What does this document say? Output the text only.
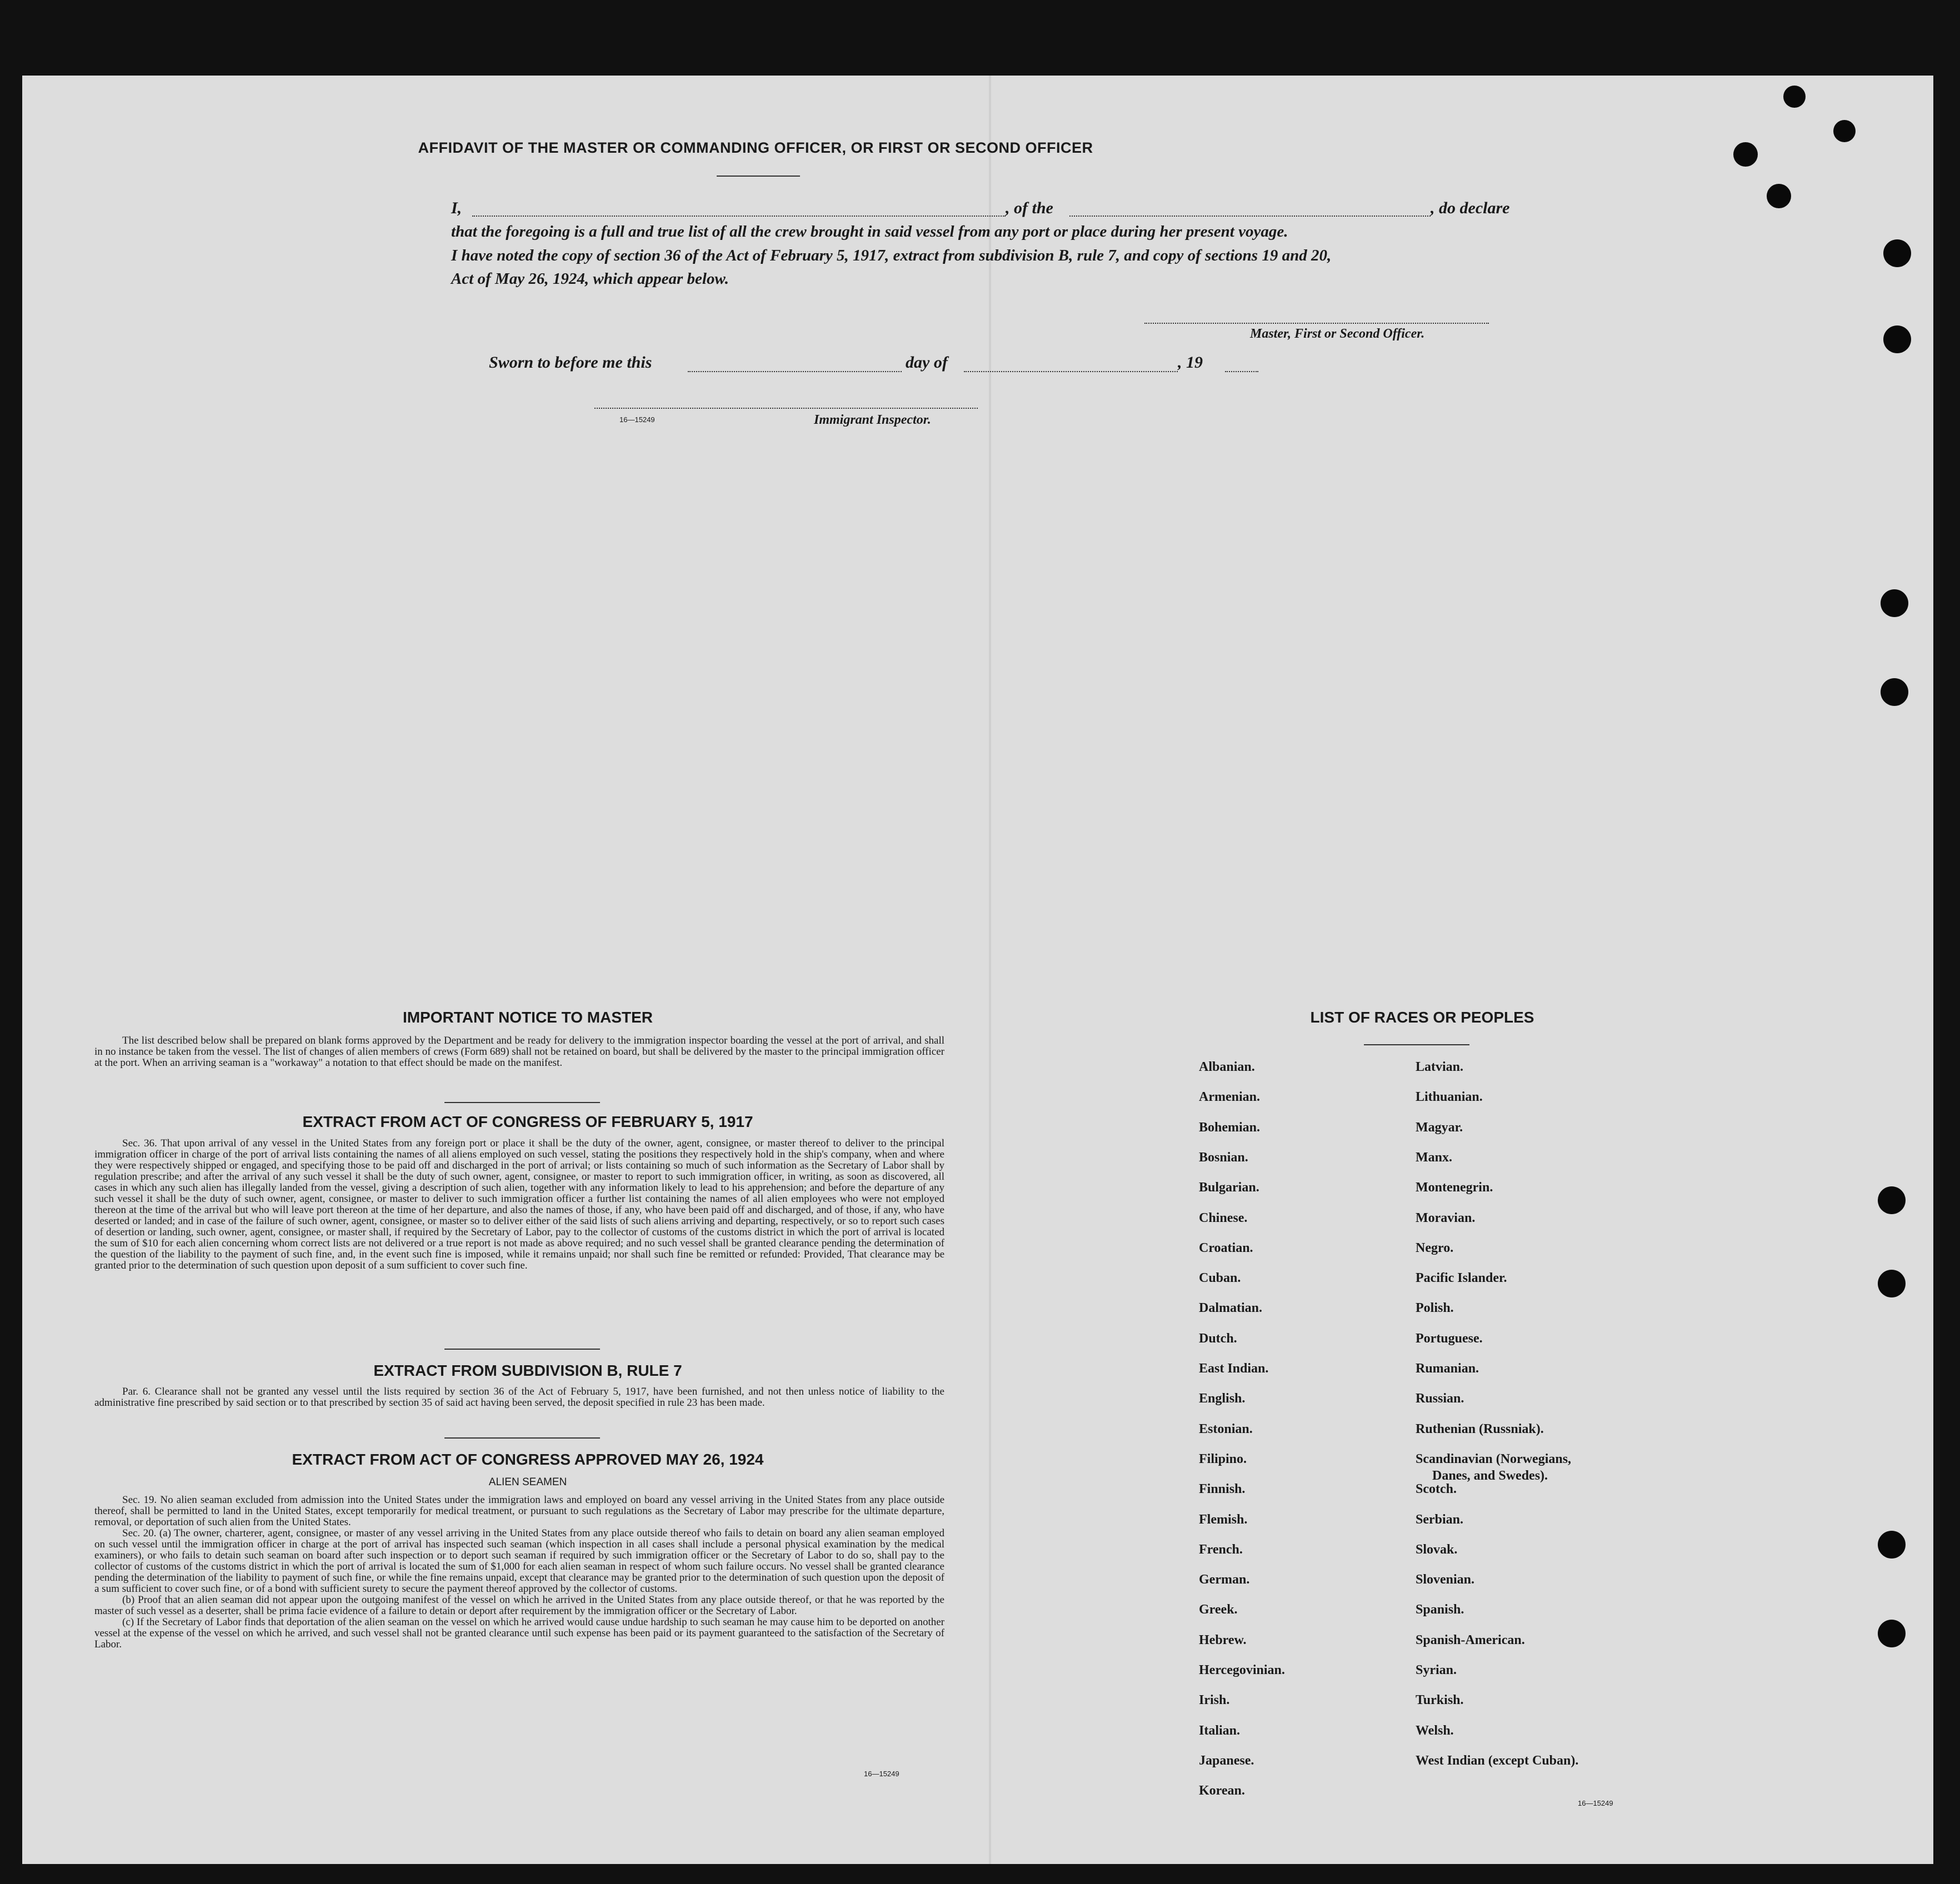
AFFIDAVIT OF THE MASTER OR COMMANDING OFFICER, OR FIRST OR SECOND OFFICER
I,	, of the	, do declare
that the foregoing is a full and true list of all the crew brought in said vessel from any port or place during her present voyage.
I have noted the copy of section 36 of the Act of February 5, 1917, extract from subdivision B, rule 7, and copy of sections 19 and 20,
Act of May 26, 1924, which appear below.
Master, First or Second Officer.
Sworn to before me this	day of	, 19
16—15249	Immigrant Inspector.
IMPORTANT NOTICE TO MASTER

The list described below shall be prepared on blank forms approved by the Department and be ready for delivery to the immigration inspector boarding the vessel at the port of arrival, and shall in no instance be taken from the vessel. The list of changes of alien members of crews (Form 689) shall not be retained on board, but shall be delivered by the master to the principal immigration officer at the port. When an arriving seaman is a "workaway" a notation to that effect should be made on the manifest.

EXTRACT FROM ACT OF CONGRESS OF FEBRUARY 5, 1917

Sec. 36. That upon arrival of any vessel in the United States from any foreign port or place it shall be the duty of the owner, agent, consignee, or master thereof to deliver to the principal immigration officer in charge of the port of arrival lists containing the names of all aliens employed on such vessel, stating the positions they respectively hold in the ship's company, when and where they were respectively shipped or engaged, and specifying those to be paid off and discharged in the port of arrival; or lists containing so much of such information as the Secretary of Labor shall by regulation prescribe; and after the arrival of any such vessel it shall be the duty of such owner, agent, consignee, or master to report to such immigration officer, in writing, as soon as discovered, all cases in which any such alien has illegally landed from the vessel, giving a description of such alien, together with any information likely to lead to his apprehension; and before the departure of any such vessel it shall be the duty of such owner, agent, consignee, or master to deliver to such immigration officer a further list containing the names of all alien employees who were not employed thereon at the time of the arrival but who will leave port thereon at the time of her departure, and also the names of those, if any, who have been paid off and discharged, and of those, if any, who have deserted or landed; and in case of the failure of such owner, agent, consignee, or master so to deliver either of the said lists of such aliens arriving and departing, respectively, or so to report such cases of desertion or landing, such owner, agent, consignee, or master shall, if required by the Secretary of Labor, pay to the collector of customs of the customs district in which the port of arrival is located the sum of $10 for each alien concerning whom correct lists are not delivered or a true report is not made as above required; and no such vessel shall be granted clearance pending the determination of the question of the liability to the payment of such fine, and, in the event such fine is imposed, while it remains unpaid; nor shall such fine be remitted or refunded: Provided, That clearance may be granted prior to the determination of such question upon deposit of a sum sufficient to cover such fine.

EXTRACT FROM SUBDIVISION B, RULE 7

Par. 6. Clearance shall not be granted any vessel until the lists required by section 36 of the Act of February 5, 1917, have been furnished, and not then unless notice of liability to the administrative fine prescribed by said section or to that prescribed by section 35 of said act having been served, the deposit specified in rule 23 has been made.

EXTRACT FROM ACT OF CONGRESS APPROVED MAY 26, 1924
ALIEN SEAMEN

Sec. 19. No alien seaman excluded from admission into the United States under the immigration laws and employed on board any vessel arriving in the United States from any place outside thereof, shall be permitted to land in the United States, except temporarily for medical treatment, or pursuant to such regulations as the Secretary of Labor may prescribe for the ultimate departure, removal, or deportation of such alien from the United States.

Sec. 20. (a) The owner, charterer, agent, consignee, or master of any vessel arriving in the United States from any place outside thereof who fails to detain on board any alien seaman employed on such vessel until the immigration officer in charge at the port of arrival has inspected such seaman (which inspection in all cases shall include a personal physical examination by the medical examiners), or who fails to detain such seaman on board after such inspection or to deport such seaman if required by such immigration officer or the Secretary of Labor to do so, shall pay to the collector of customs of the customs district in which the port of arrival is located the sum of $1,000 for each alien seaman in respect of whom such failure occurs. No vessel shall be granted clearance pending the determination of the liability to payment of such fine, or while the fine remains unpaid, except that clearance may be granted prior to the determination of such question upon the deposit of a sum sufficient to cover such fine, or of a bond with sufficient surety to secure the payment thereof approved by the collector of customs.

(b) Proof that an alien seaman did not appear upon the outgoing manifest of the vessel on which he arrived in the United States from any place outside thereof, or that he was reported by the master of such vessel as a deserter, shall be prima facie evidence of a failure to detain or deport after requirement by the immigration officer or the Secretary of Labor.

(c) If the Secretary of Labor finds that deportation of the alien seaman on the vessel on which he arrived would cause undue hardship to such seaman he may cause him to be deported on another vessel at the expense of the vessel on which he arrived, and such vessel shall not be granted clearance until such expense has been paid or its payment guaranteed to the satisfaction of the Secretary of Labor.

16—15249
LIST OF RACES OR PEOPLES
Albanian.
Armenian.
Bohemian.
Bosnian.
Bulgarian.
Chinese.
Croatian.
Cuban.
Dalmatian.
Dutch.
East Indian.
English.
Estonian.
Filipino.
Finnish.
Flemish.
French.
German.
Greek.
Hebrew.
Hercegovinian.
Irish.
Italian.
Japanese.
Korean.
Latvian.
Lithuanian.
Magyar.
Manx.
Montenegrin.
Moravian.
Negro.
Pacific Islander.
Polish.
Portuguese.
Rumanian.
Russian.
Ruthenian (Russniak).
Scandinavian (Norwegians,
Danes, and Swedes).
Scotch.
Serbian.
Slovak.
Slovenian.
Spanish.
Spanish-American.
Syrian.
Turkish.
Welsh.
West Indian (except Cuban).
16—15249
